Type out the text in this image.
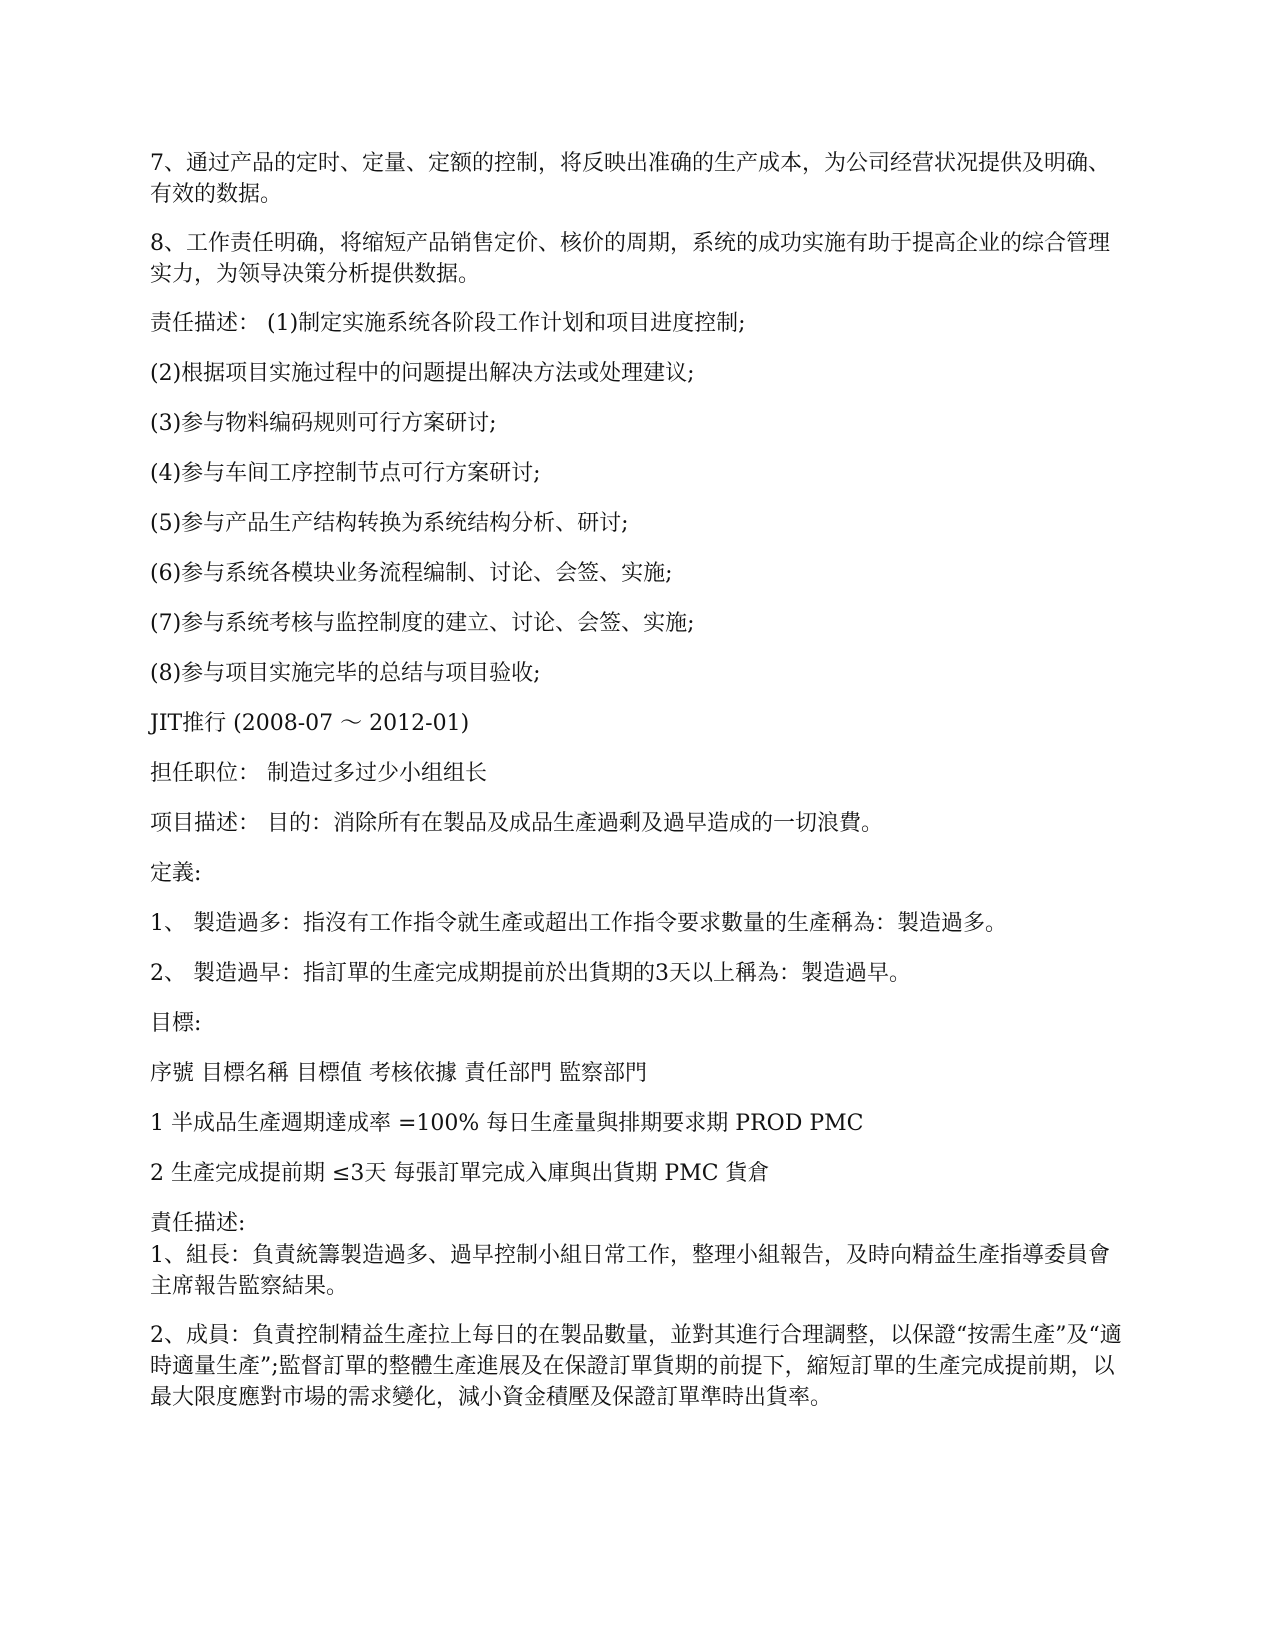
7、通过产品的定时、定量、定额的控制，将反映出准确的生产成本，为公司经营状况提供及明确、有效的数据。

8、工作责任明确，将缩短产品销售定价、核价的周期，系统的成功实施有助于提高企业的综合管理实力，为领导决策分析提供数据。

责任描述： (1)制定实施系统各阶段工作计划和项目进度控制;

(2)根据项目实施过程中的问题提出解决方法或处理建议;

(3)参与物料编码规则可行方案研讨;

(4)参与车间工序控制节点可行方案研讨;

(5)参与产品生产结构转换为系统结构分析、研讨;

(6)参与系统各模块业务流程编制、讨论、会签、实施;

(7)参与系统考核与监控制度的建立、讨论、会签、实施;

(8)参与项目实施完毕的总结与项目验收;

JIT推行 (2008-07 ～ 2012-01)

担任职位： 制造过多过少小组组长

项目描述： 目的：消除所有在製品及成品生產過剩及過早造成的一切浪費。

定義:

1、 製造過多：指沒有工作指令就生產或超出工作指令要求數量的生產稱為：製造過多。

2、 製造過早：指訂單的生產完成期提前於出貨期的3天以上稱為：製造過早。

目標:

序號 目標名稱 目標值 考核依據 責任部門 監察部門

1 半成品生產週期達成率 =100% 每日生產量與排期要求期 PROD PMC

2 生產完成提前期 ≤3天 每張訂單完成入庫與出貨期 PMC 貨倉

責任描述:

1、組長：負責統籌製造過多、過早控制小組日常工作，整理小組報告，及時向精益生產指導委員會主席報告監察結果。

2、成員：負責控制精益生產拉上每日的在製品數量，並對其進行合理調整，以保證“按需生產”及“適時適量生產”;監督訂單的整體生產進展及在保證訂單貨期的前提下，縮短訂單的生產完成提前期，以最大限度應對市場的需求變化，減小資金積壓及保證訂單準時出貨率。
